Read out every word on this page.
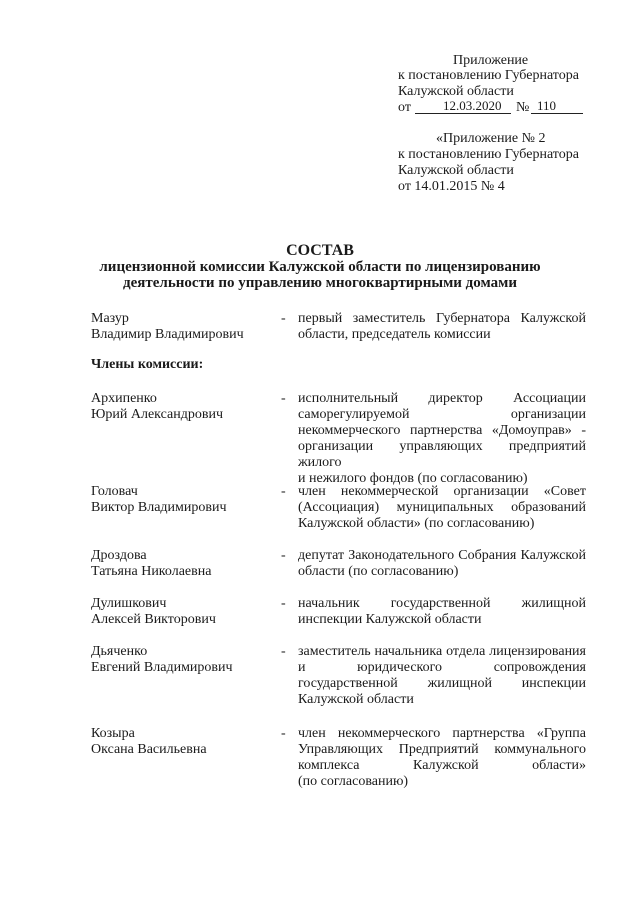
Приложение
к постановлению Губернатора
Калужской области
от 12.03.2020 № 110
«Приложение № 2
к постановлению Губернатора
Калужской области
от 14.01.2015 № 4
СОСТАВ
лицензионной комиссии Калужской области по лицензированию
деятельности по управлению многоквартирными домами
Мазур
Владимир Владимирович
- первый заместитель Губернатора Калужской
области, председатель комиссии
Члены комиссии:
Архипенко
Юрий Александрович
- исполнительный директор Ассоциации
саморегулируемой организации
некоммерческого партнерства «Домоуправ» -
организации управляющих предприятий жилого
и нежилого фондов (по согласованию)
Головач
Виктор Владимирович
- член некоммерческой организации «Совет
(Ассоциация) муниципальных образований
Калужской области» (по согласованию)
Дроздова
Татьяна Николаевна
- депутат Законодательного Собрания Калужской
области (по согласованию)
Дулишкович
Алексей Викторович
- начальник государственной жилищной
инспекции Калужской области
Дьяченко
Евгений Владимирович
- заместитель начальника отдела лицензирования
и юридического сопровождения
государственной жилищной инспекции
Калужской области
Козыра
Оксана Васильевна
- член некоммерческого партнерства «Группа
Управляющих Предприятий коммунального
комплекса Калужской области»
(по согласованию)
